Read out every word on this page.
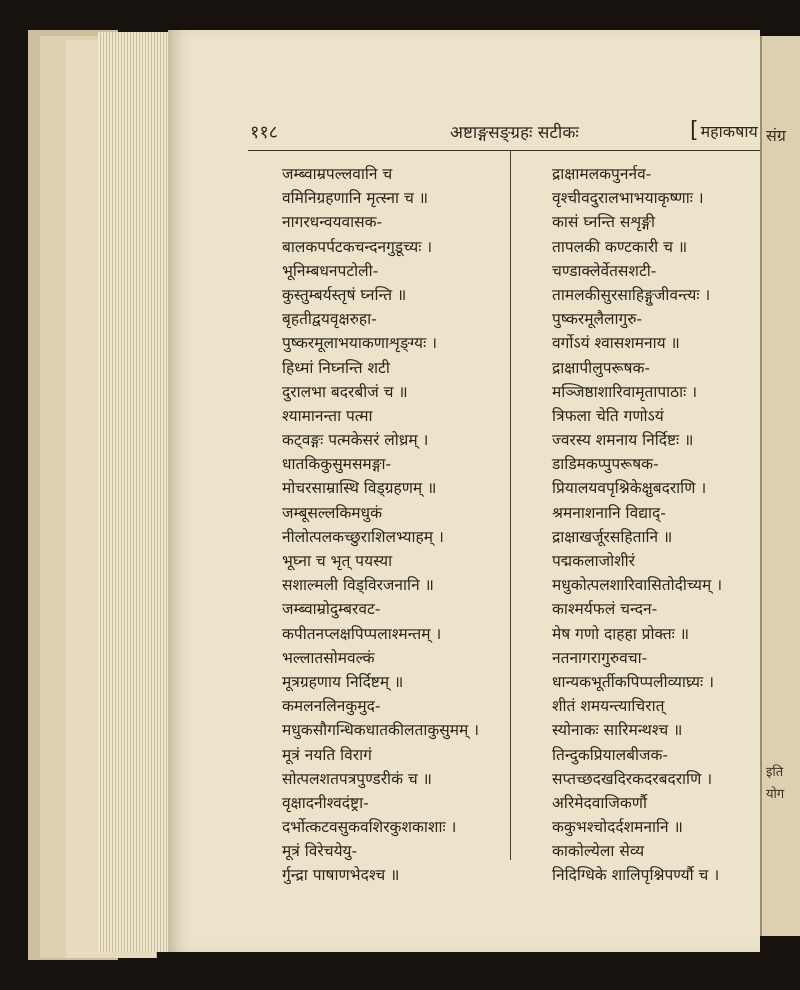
संग्र
इति
योग
११८	अष्टाङ्गसङ्ग्रहः सटीकः	[ महाकषाय
जम्ब्वाम्रपल्लवानि च
वमिनिग्रहणानि मृत्स्ना च ॥
नागरधन्वयवासक-
बालकपर्पटकचन्दनगुडूच्यः ।
भूनिम्बधनपटोली-
कुस्तुम्बर्यस्तृषं घ्नन्ति ॥
बृहतीद्वयवृक्षरुहा-
पुष्करमूलाभयाकणाशृङ्ग्यः ।
हिध्मां निघ्नन्ति शटी
दुरालभा बदरबीजं च ॥
श्यामानन्ता पत्मा
कट्वङ्गः पत्मकेसरं लोध्रम् ।
धातकिकुसुमसमङ्गा-
मोचरसाम्रास्थि विड्ग्रहणम् ॥
जम्बूसल्लकिमधुकं
नीलोत्पलकच्छुराशिलभ्याहम् ।
भूघ्ना च भृत् पयस्या
सशाल्मली विड्विरजनानि ॥
जम्ब्वाम्रोदुम्बरवट-
कपीतनप्लक्षपिप्पलाश्मन्तम् ।
भल्लातसोमवल्कं
मूत्रग्रहणाय निर्दिष्टम् ॥
कमलनलिनकुमुद-
मधुकसौगन्धिकधातकीलताकुसुमम् ।
मूत्रं नयति विरागं
सोत्पलशतपत्रपुण्डरीकं च ॥
वृक्षादनीश्वदंष्ट्रा-
दर्भोत्कटवसुकवशिरकुशकाशाः ।
मूत्रं विरेचयेयु-
र्गुन्द्रा पाषाणभेदश्च ॥
द्राक्षामलकपुनर्नव-
वृश्चीवदुरालभाभयाकृष्णाः ।
कासं घ्नन्ति सशृङ्गी
तापलकी कण्टकारी च ॥
चण्डाक्लेर्वेतसशटी-
तामलकीसुरसाहिङ्गुजीवन्त्यः ।
पुष्करमूलैलागुरु-
वर्गोऽयं श्वासशमनाय ॥
द्राक्षापीलुपरूषक-
मञ्जिष्ठाशारिवामृतापाठाः ।
त्रिफला चेति गणोऽयं
ज्वरस्य शमनाय निर्दिष्टः ॥
डाडिमकप्पुपरूषक-
प्रियालयवपृश्निकेक्षुबदराणि ।
श्रमनाशनानि विद्याद्-
द्राक्षाखर्जूरसहितानि ॥
पद्मकलाजोशीरं
मधुकोत्पलशारिवासितोदीच्यम् ।
काश्मर्यफलं चन्दन-
मेष गणो दाहहा प्रोक्तः ॥
नतनागरागुरुवचा-
धान्यकभूर्तीकपिप्पलीव्याघ्र्यः ।
शीतं शमयन्त्याचिरात्
स्योनाकः सारिमन्थश्च ॥
तिन्दुकप्रियालबीजक-
सप्तच्छदखदिरकदरबदराणि ।
अरिमेदवाजिकर्णौ
ककुभश्चोदर्दशमनानि ॥
काकोल्येला सेव्य
निदिग्धिके शालिपृश्निपर्ण्यौ च ।
